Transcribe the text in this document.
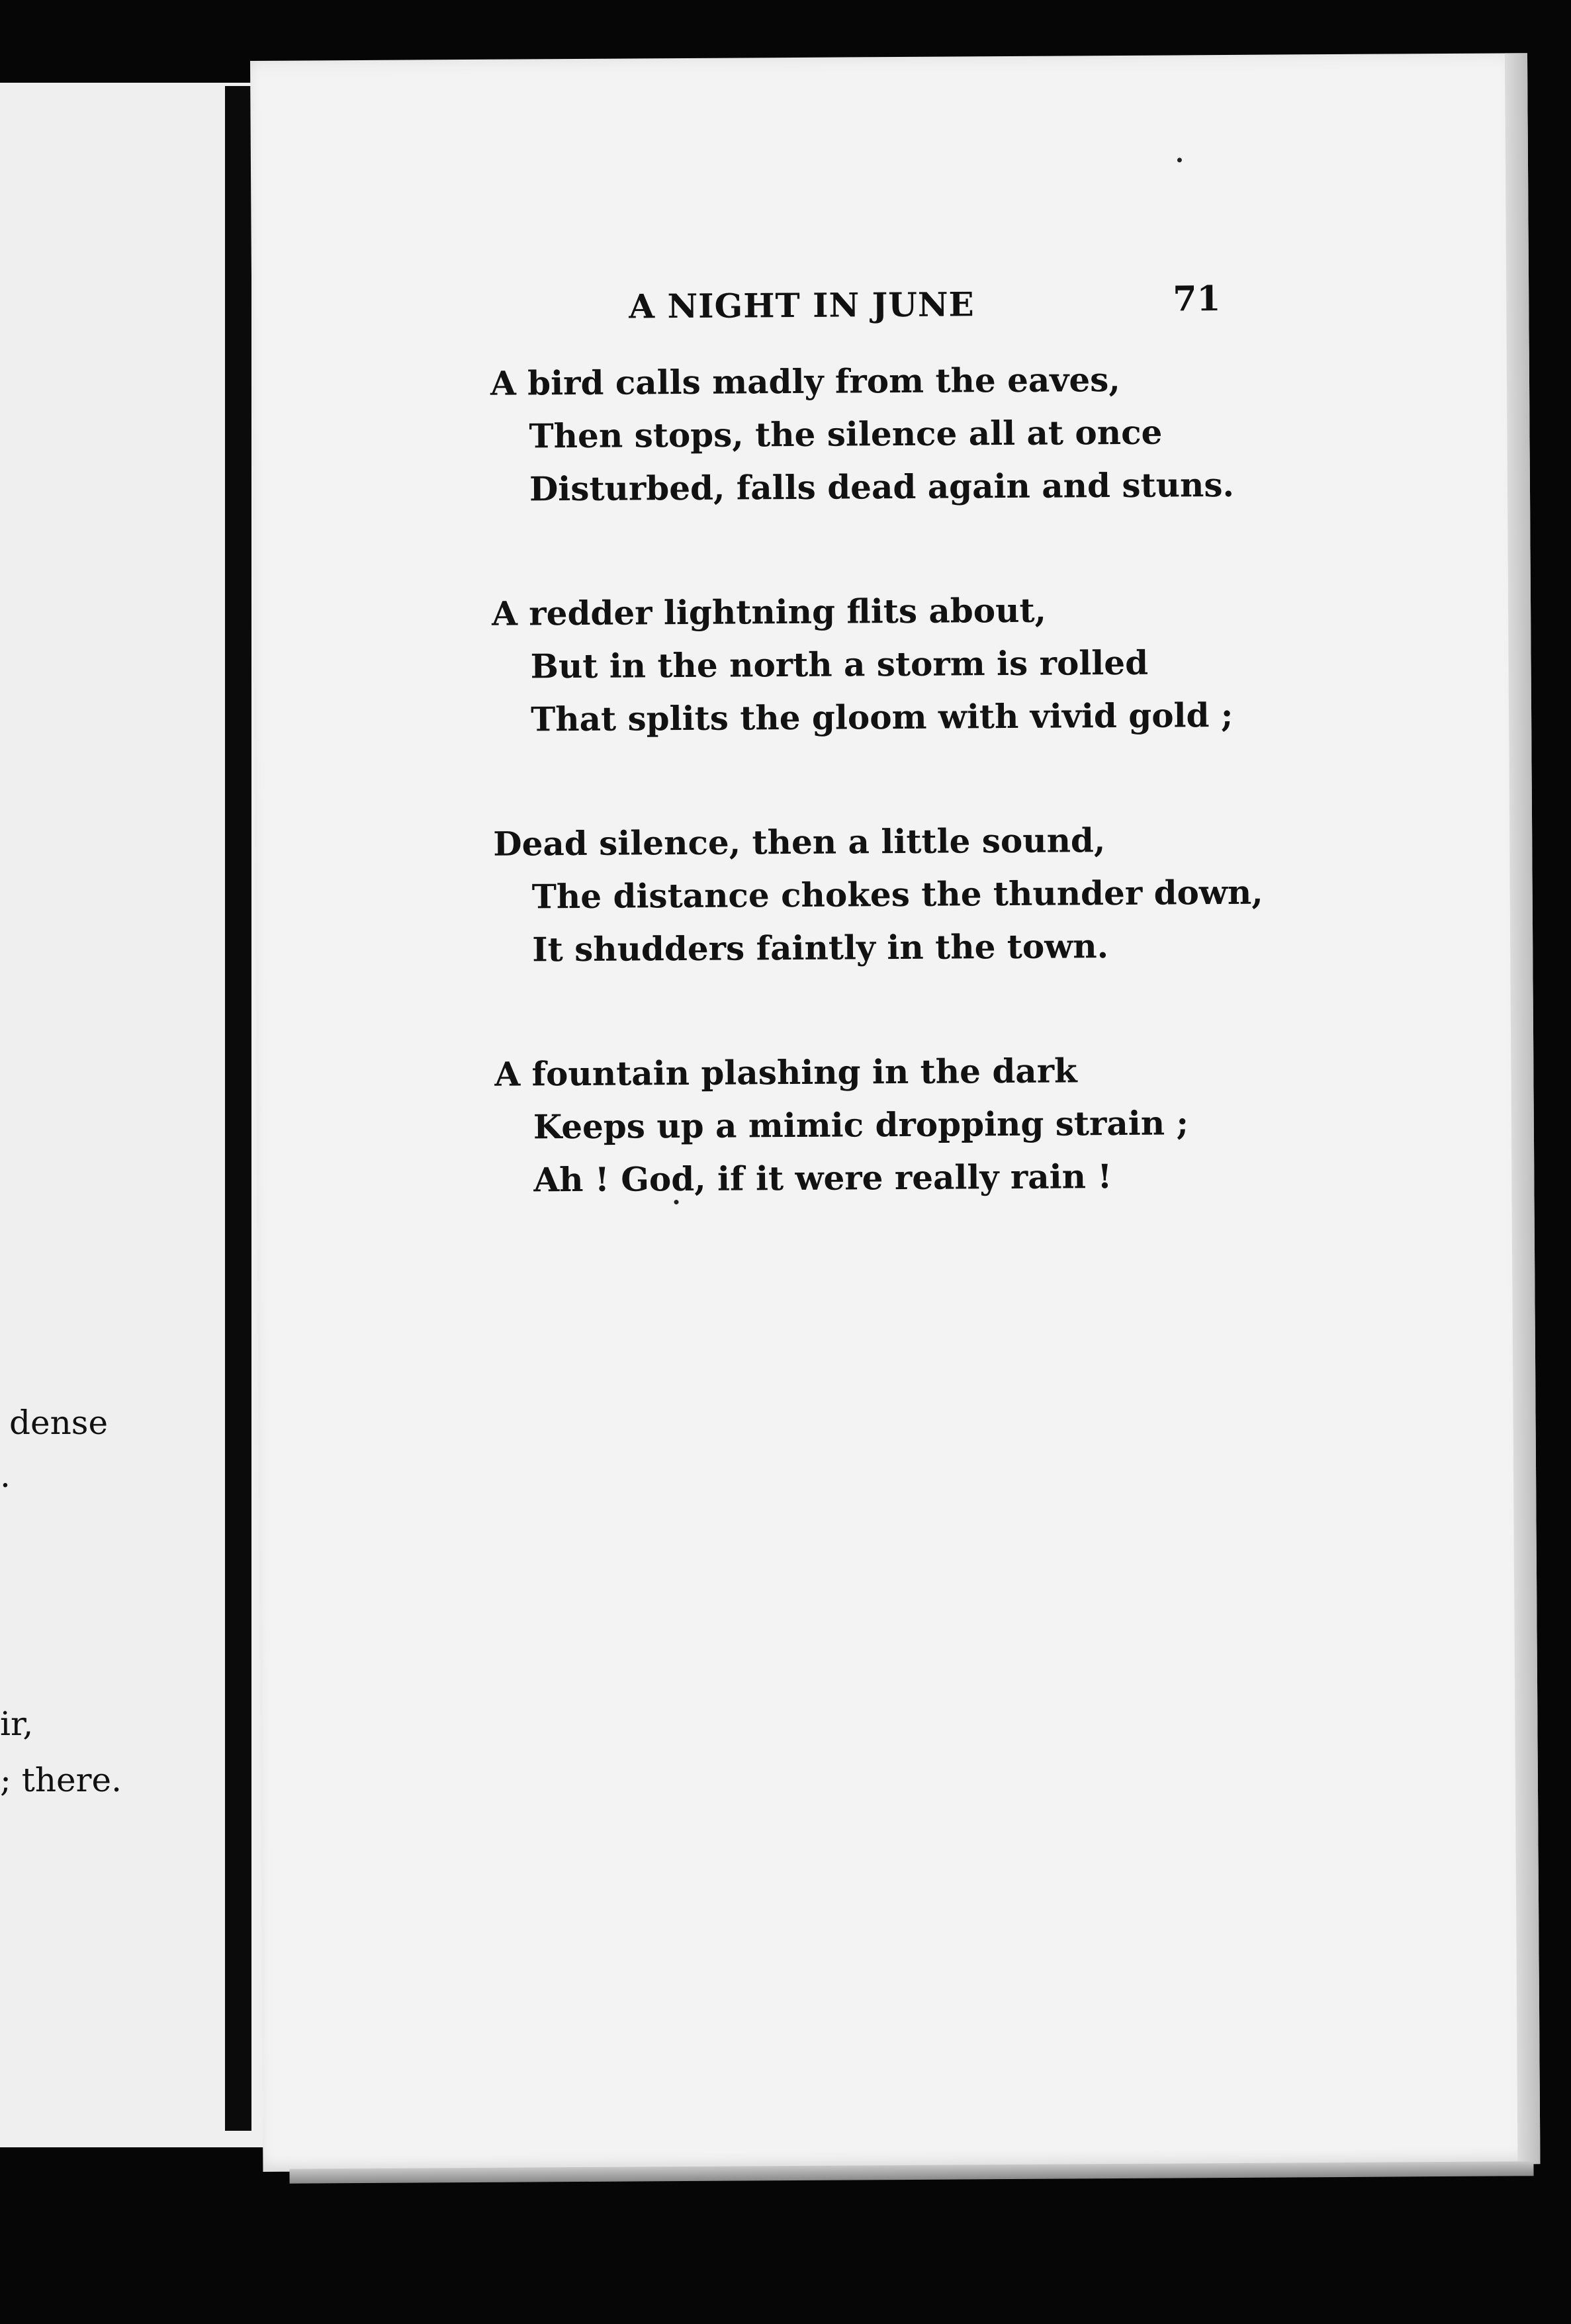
dense
.
ir,
; there.
A NIGHT IN JUNE	71
A bird calls madly from the eaves,
Then stops, the silence all at once
Disturbed, falls dead again and stuns.
A redder lightning flits about,
But in the north a storm is rolled
That splits the gloom with vivid gold ;
Dead silence, then a little sound,
The distance chokes the thunder down,
It shudders faintly in the town.
A fountain plashing in the dark
Keeps up a mimic dropping strain ;
Ah ! God, if it were really rain !
